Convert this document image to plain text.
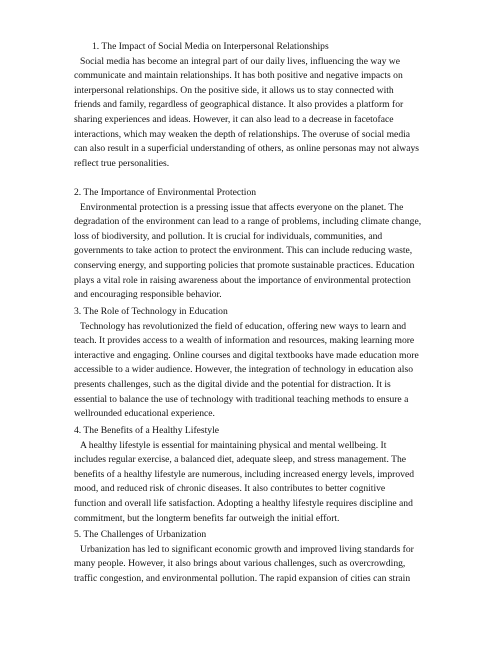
1. The Impact of Social Media on Interpersonal Relationships
Social media has become an integral part of our daily lives, influencing the way we
communicate and maintain relationships. It has both positive and negative impacts on
interpersonal relationships. On the positive side, it allows us to stay connected with
friends and family, regardless of geographical distance. It also provides a platform for
sharing experiences and ideas. However, it can also lead to a decrease in facetoface
interactions, which may weaken the depth of relationships. The overuse of social media
can also result in a superficial understanding of others, as online personas may not always
reflect true personalities.
2. The Importance of Environmental Protection
Environmental protection is a pressing issue that affects everyone on the planet. The
degradation of the environment can lead to a range of problems, including climate change,
loss of biodiversity, and pollution. It is crucial for individuals, communities, and
governments to take action to protect the environment. This can include reducing waste,
conserving energy, and supporting policies that promote sustainable practices. Education
plays a vital role in raising awareness about the importance of environmental protection
and encouraging responsible behavior.
3. The Role of Technology in Education
Technology has revolutionized the field of education, offering new ways to learn and
teach. It provides access to a wealth of information and resources, making learning more
interactive and engaging. Online courses and digital textbooks have made education more
accessible to a wider audience. However, the integration of technology in education also
presents challenges, such as the digital divide and the potential for distraction. It is
essential to balance the use of technology with traditional teaching methods to ensure a
wellrounded educational experience.
4. The Benefits of a Healthy Lifestyle
A healthy lifestyle is essential for maintaining physical and mental wellbeing. It
includes regular exercise, a balanced diet, adequate sleep, and stress management. The
benefits of a healthy lifestyle are numerous, including increased energy levels, improved
mood, and reduced risk of chronic diseases. It also contributes to better cognitive
function and overall life satisfaction. Adopting a healthy lifestyle requires discipline and
commitment, but the longterm benefits far outweigh the initial effort.
5. The Challenges of Urbanization
Urbanization has led to significant economic growth and improved living standards for
many people. However, it also brings about various challenges, such as overcrowding,
traffic congestion, and environmental pollution. The rapid expansion of cities can strain
